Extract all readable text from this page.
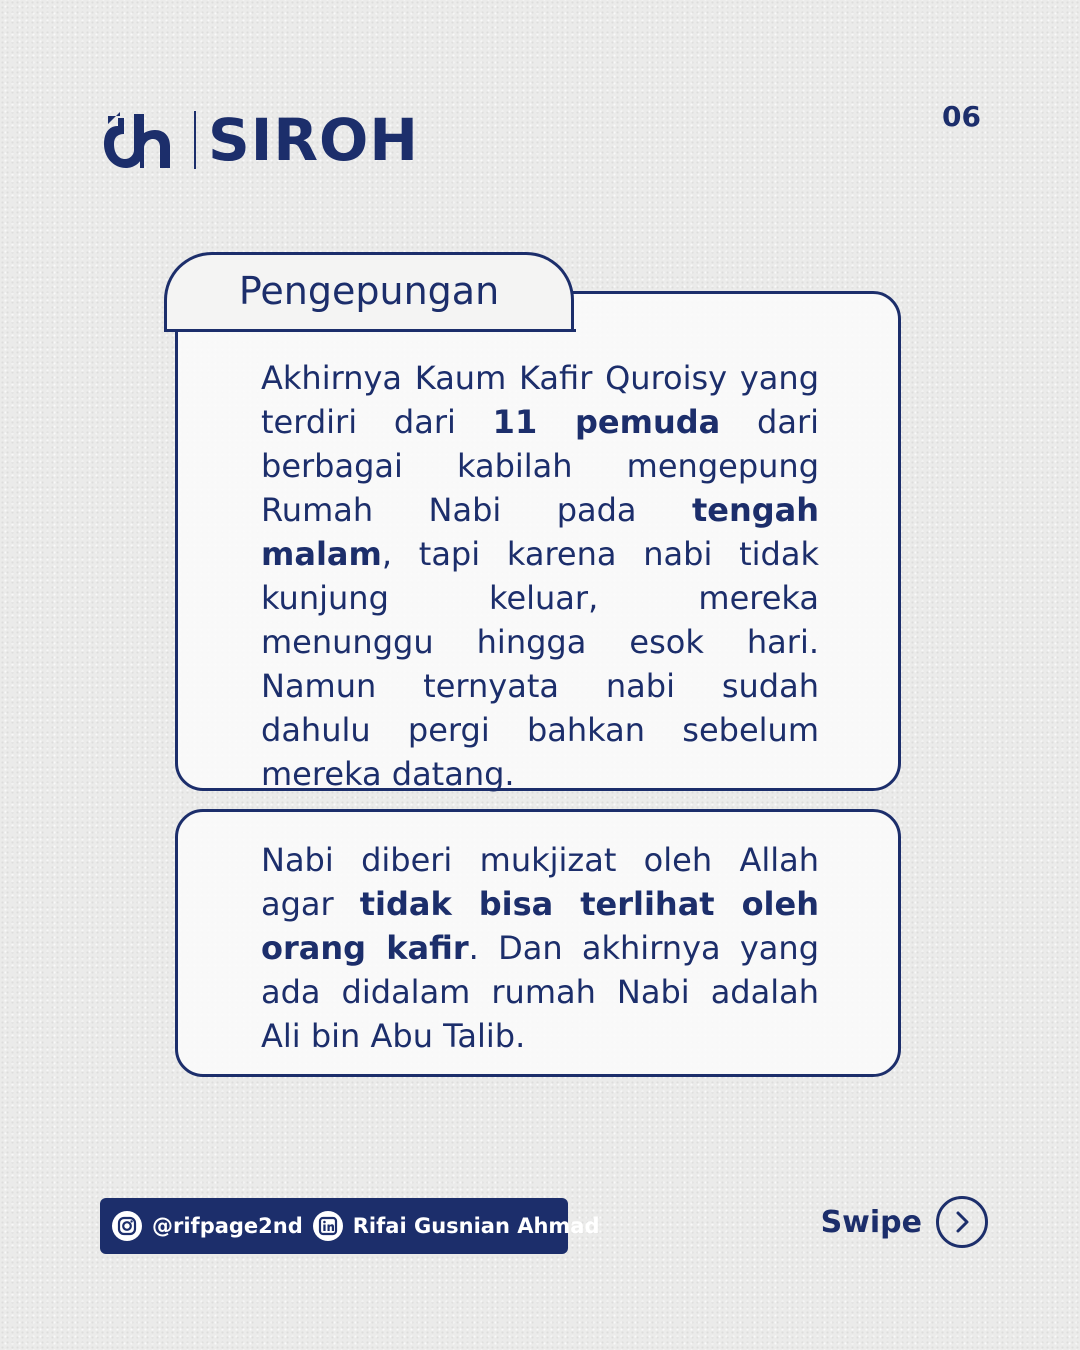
SIROH	06
Pengepungan
Akhirnya Kaum Kafir Quroisy yang terdiri dari 11 pemuda dari berbagai kabilah mengepung Rumah Nabi pada tengah malam, tapi karena nabi tidak kunjung keluar, mereka menunggu hingga esok hari. Namun ternyata nabi sudah dahulu pergi bahkan sebelum mereka datang.
Nabi diberi mukjizat oleh Allah agar tidak bisa terlihat oleh orang kafir. Dan akhirnya yang ada didalam rumah Nabi adalah Ali bin Abu Talib.
@rifpage2nd Rifai Gusnian Ahmad	Swipe
